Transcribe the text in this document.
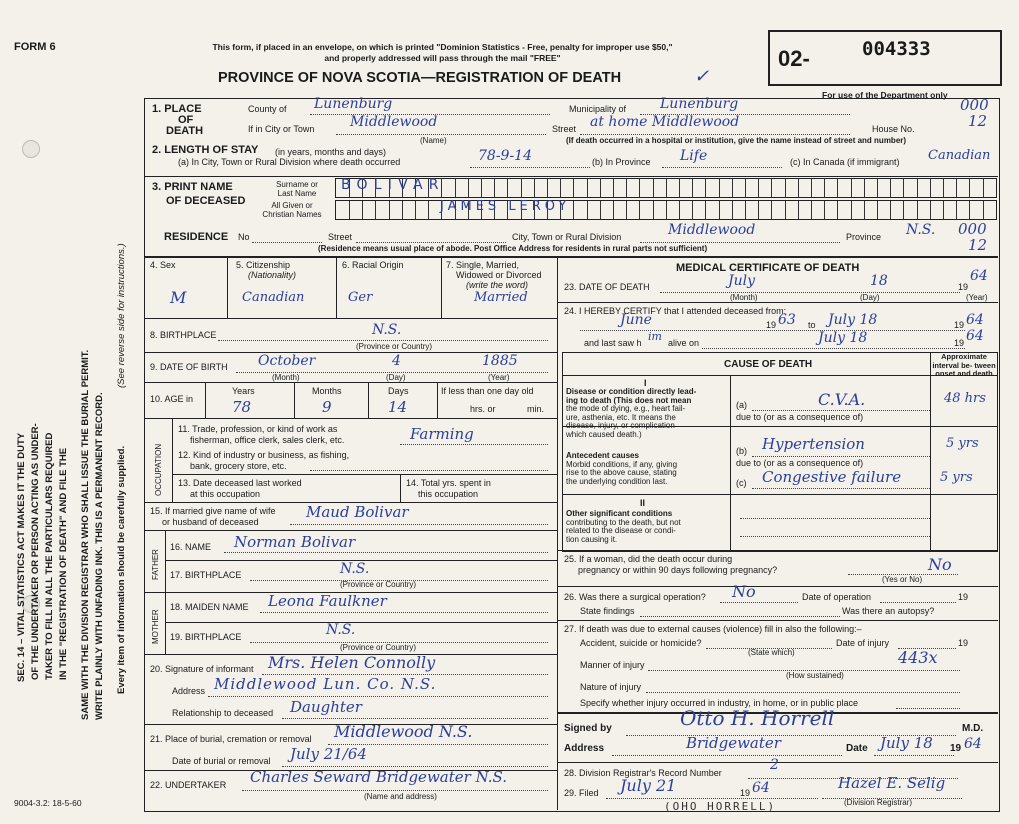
SEC. 14 – VITAL STATISTICS ACT MAKES IT THE DUTY OF THE UNDERTAKER OR PERSON ACTING AS UNDER- TAKER TO FILL IN ALL THE PARTICULARS REQUIRED IN THE "REGISTRATION OF DEATH" AND FILE THE SAME WITH THE DIVISION REGISTRAR WHO SHALL ISSUE THE BURIAL PERMIT. WRITE PLAINLY WITH UNFADING INK. THIS IS A PERMANENT RECORD. Every item of information should be carefully supplied.
(See reverse side for instructions.)
FORM 6	This form, if placed in an envelope, on which is printed "Dominion Statistics - Free, penalty for improper use $50," and properly addressed will pass through the mail "FREE"
PROVINCE OF NOVA SCOTIA—REGISTRATION OF DEATH
02-	004333
For use of the Department only
✓
1. PLACE
OF
DEATH
County of Lunenburg	Municipality of Lunenburg	000
12
If in City or Town	Middlewood
(Name)
Street at home Middlewood	House No.
(If death occurred in a hospital or institution, give the name instead of street and number)
2. LENGTH OF STAY (in years, months and days)
(a) In City, Town or Rural Division where death occurred	78-9-14	(b) In Province Life	(c) In Canada (if immigrant) Canadian
3. PRINT NAME
OF DECEASED
Surname or
Last Name
All Given or
Christian Names
BOLIVAR
JAMES LEROY
RESIDENCE No	Street	City, Town or Rural Division	Middlewood	Province N.S. 000
12
(Residence means usual place of abode. Post Office Address for residents in rural parts not sufficient)
4. Sex	5. Citizenship
(Nationality)
6. Racial Origin	7. Single, Married,
Widowed or Divorced
(write the word)
M	Canadian	Ger	Married
8. BIRTHPLACE	N.S.
(Province or Country)
9. DATE OF BIRTH October	4	1885
(Month)	(Day)	(Year)
10. AGE in
Years	Months	Days
78	9	14
If less than one day old
hrs. or	min.
OCCUPATION
11. Trade, profession, or kind of work as
fisherman, office clerk, sales clerk, etc.	Farming
12. Kind of industry or business, as fishing,
bank, grocery store, etc.
13. Date deceased last worked
at this occupation
14. Total yrs. spent in
this occupation
15. If married give name of wife
or husband of deceased
Maud Bolivar
FATHER
16. NAME Norman Bolivar
17. BIRTHPLACE	N.S.
(Province or Country)
MOTHER
18. MAIDEN NAME Leona Faulkner
19. BIRTHPLACE	N.S.
(Province or Country)
20. Signature of informant Mrs. Helen Connolly
Address Middlewood Lun. Co. N.S.
Relationship to deceased Daughter
21. Place of burial, cremation or removal Middlewood N.S.
Date of burial or removal July 21/64
22. UNDERTAKER Charles Seward Bridgewater N.S.
(Name and address)
9004-3.2: 18-5-60
MEDICAL CERTIFICATE OF DEATH
23. DATE OF DEATH	July	18	19
64
(Month)	(Day)	(Year)
24. I HEREBY CERTIFY that I attended deceased from:
June	19 63 to July 18	19 64
and last saw h im alive on	July 18	19 64
CAUSE OF DEATH
Approximate interval be- tween onset and death
I
Disease or condition directly lead-
ing to death (This does not mean
the mode of dying, e.g., heart fail-
ure, asthenia, etc. It means the
disease, injury, or complication
which caused death.)
(a)	C.V.A.	48 hrs
due to (or as a consequence of)
Antecedent causes
Morbid conditions, if any, giving
rise to the above cause, stating
the underlying condition last.
(b) Hypertension	5 yrs
due to (or as a consequence of)
(c) Congestive failure	5 yrs
II
Other significant conditions
contributing to the death, but not
related to the disease or condi-
tion causing it.
25. If a woman, did the death occur during
pregnancy or within 90 days following pregnancy?	No
(Yes or No)
26. Was there a surgical operation? No	Date of operation	19
State findings	Was there an autopsy?
27. If death was due to external causes (violence) fill in also the following:–
Accident, suicide or homicide?
(State which)
Date of injury	19
Manner of injury	443x
(How sustained)
Nature of injury
Specify whether injury occurred in industry, in home, or in public place
Signed by	Otto H. Horrell	M.D.
Address	Bridgewater	Date July 18 19 64
28. Division Registrar's Record Number	2
29. Filed July 21	19 64	Hazel E. Selig
(Division Registrar)
(OHO HORRELL)
